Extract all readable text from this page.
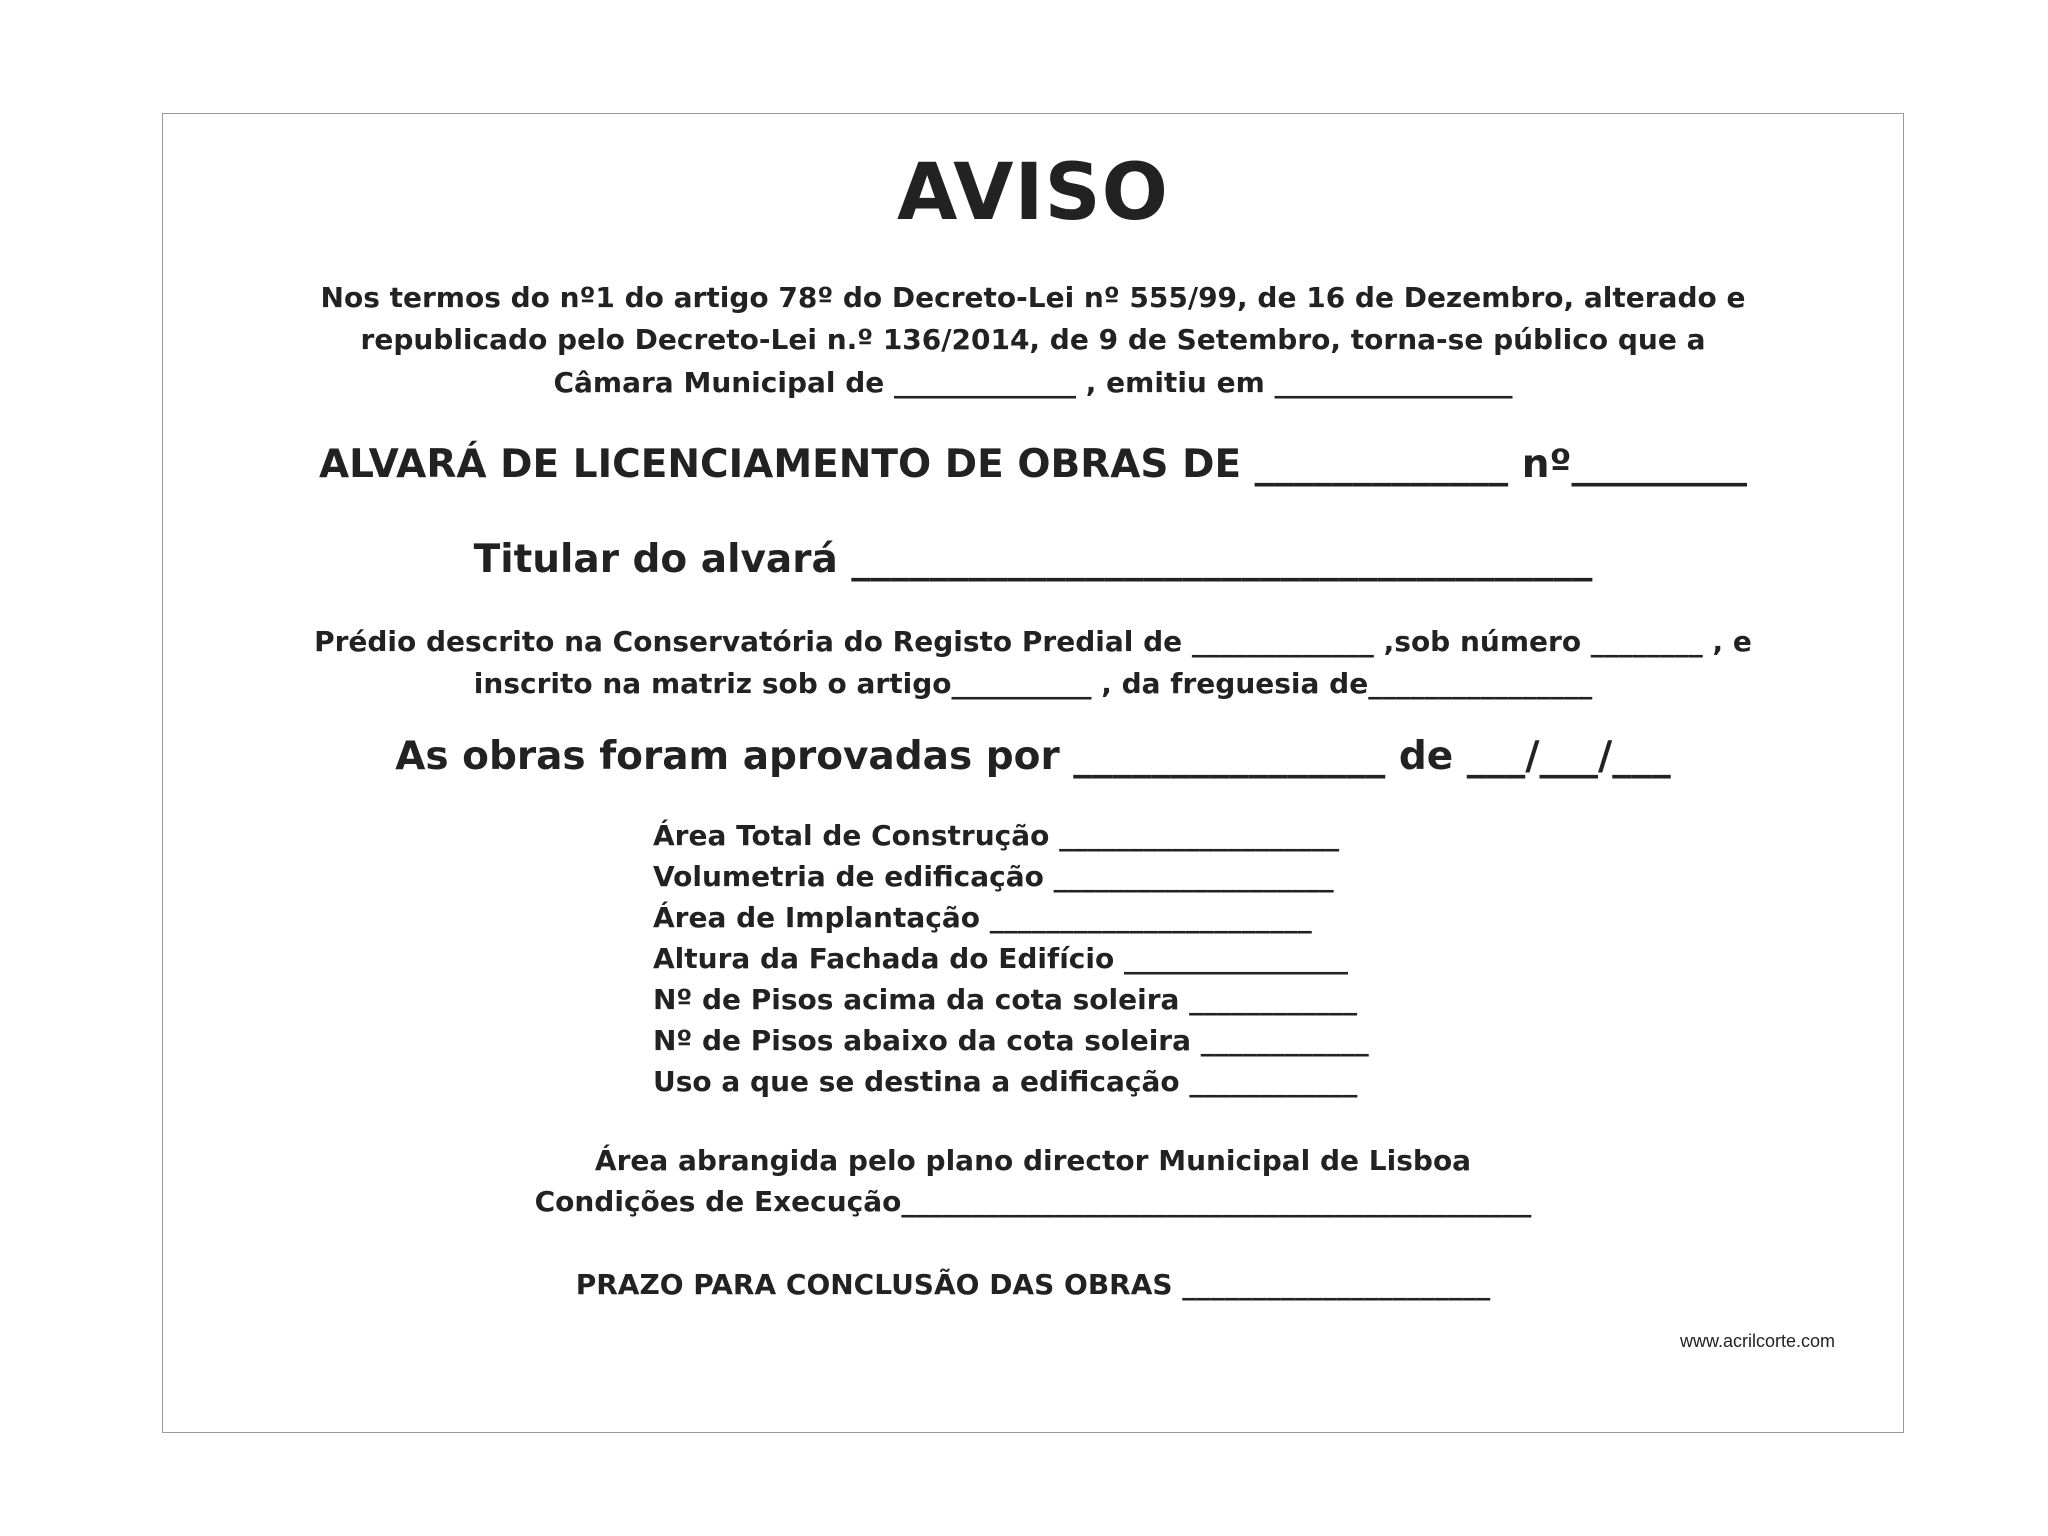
AVISO
Nos termos do nº1 do artigo 78º do Decreto-Lei nº 555/99, de 16 de Dezembro, alterado e
republicado pelo Decreto-Lei n.º 136/2014, de 9 de Setembro, torna-se público que a
Câmara Municipal de _____________ , emitiu em _________________
ALVARÁ DE LICENCIAMENTO DE OBRAS DE _____________ nº_________
Titular do alvará ______________________________________
Prédio descrito na Conservatória do Registo Predial de _____________ ,sob número ________ , e
inscrito na matriz sob o artigo__________ , da freguesia de________________
As obras foram aprovadas por ________________ de ___/___/___
Área Total de Construção ____________________
Volumetria de edificação ____________________
Área de Implantação _______________________
Altura da Fachada do Edifício ________________
Nº de Pisos acima da cota soleira ____________
Nº de Pisos abaixo da cota soleira ____________
Uso a que se destina a edificação ____________
Área abrangida pelo plano director Municipal de Lisboa
Condições de Execução_____________________________________________
PRAZO PARA CONCLUSÃO DAS OBRAS ______________________
www.acrilcorte.com
